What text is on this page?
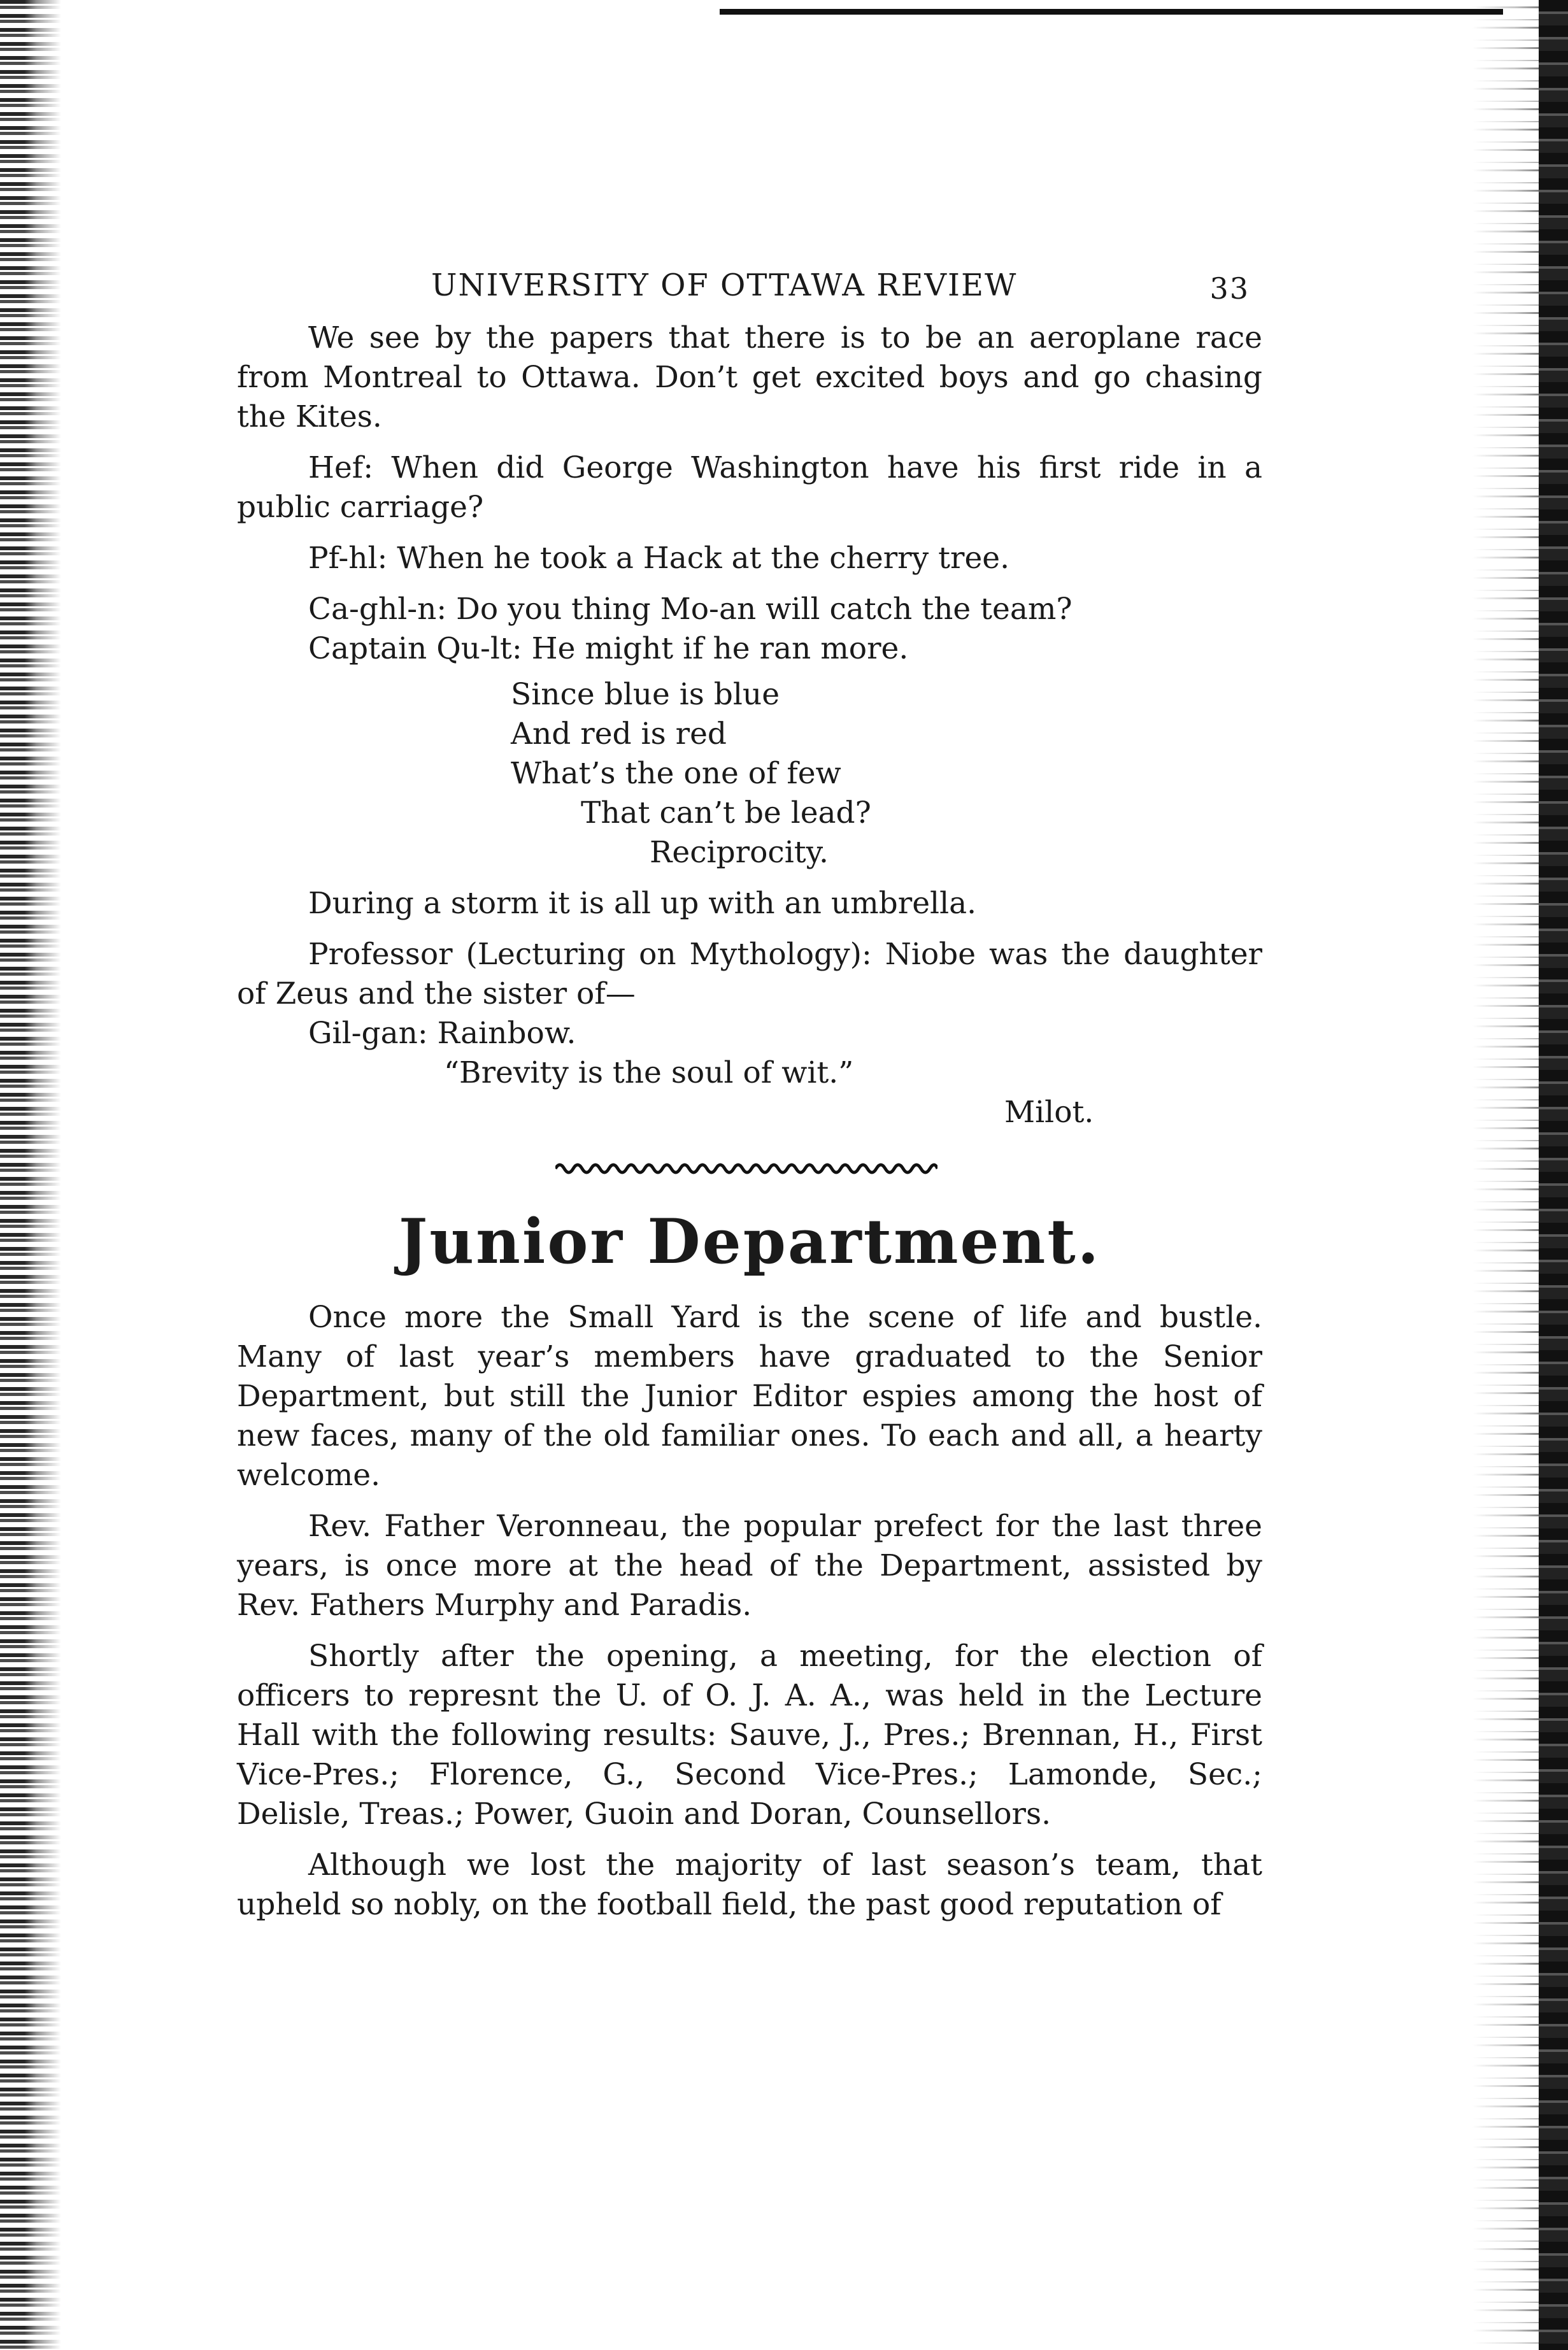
UNIVERSITY OF OTTAWA REVIEW	33

We see by the papers that there is to be an aeroplane race from Montreal to Ottawa. Don’t get excited boys and go chasing the Kites.

Hef: When did George Washington have his first ride in a public carriage?

Pf-hl: When he took a Hack at the cherry tree.

Ca-ghl-n: Do you thing Mo-an will catch the team?

Captain Qu-lt: He might if he ran more.

Since blue is blue

And red is red

What’s the one of few

That can’t be lead?

Reciprocity.

During a storm it is all up with an umbrella.

Professor (Lecturing on Mythology): Niobe was the daughter of Zeus and the sister of—

Gil-gan: Rainbow.

“Brevity is the soul of wit.”

Milot.

Junior Department.

Once more the Small Yard is the scene of life and bustle. Many of last year’s members have graduated to the Senior Department, but still the Junior Editor espies among the host of new faces, many of the old familiar ones. To each and all, a hearty welcome.

Rev. Father Veronneau, the popular prefect for the last three years, is once more at the head of the Department, assisted by Rev. Fathers Murphy and Paradis.

Shortly after the opening, a meeting, for the election of officers to represnt the U. of O. J. A. A., was held in the Lecture Hall with the following results: Sauve, J., Pres.; Brennan, H., First Vice-Pres.; Florence, G., Second Vice-Pres.; Lamonde, Sec.; Delisle, Treas.; Power, Guoin and Doran, Counsellors.

Although we lost the majority of last season’s team, that upheld so nobly, on the football field, the past good reputation of
